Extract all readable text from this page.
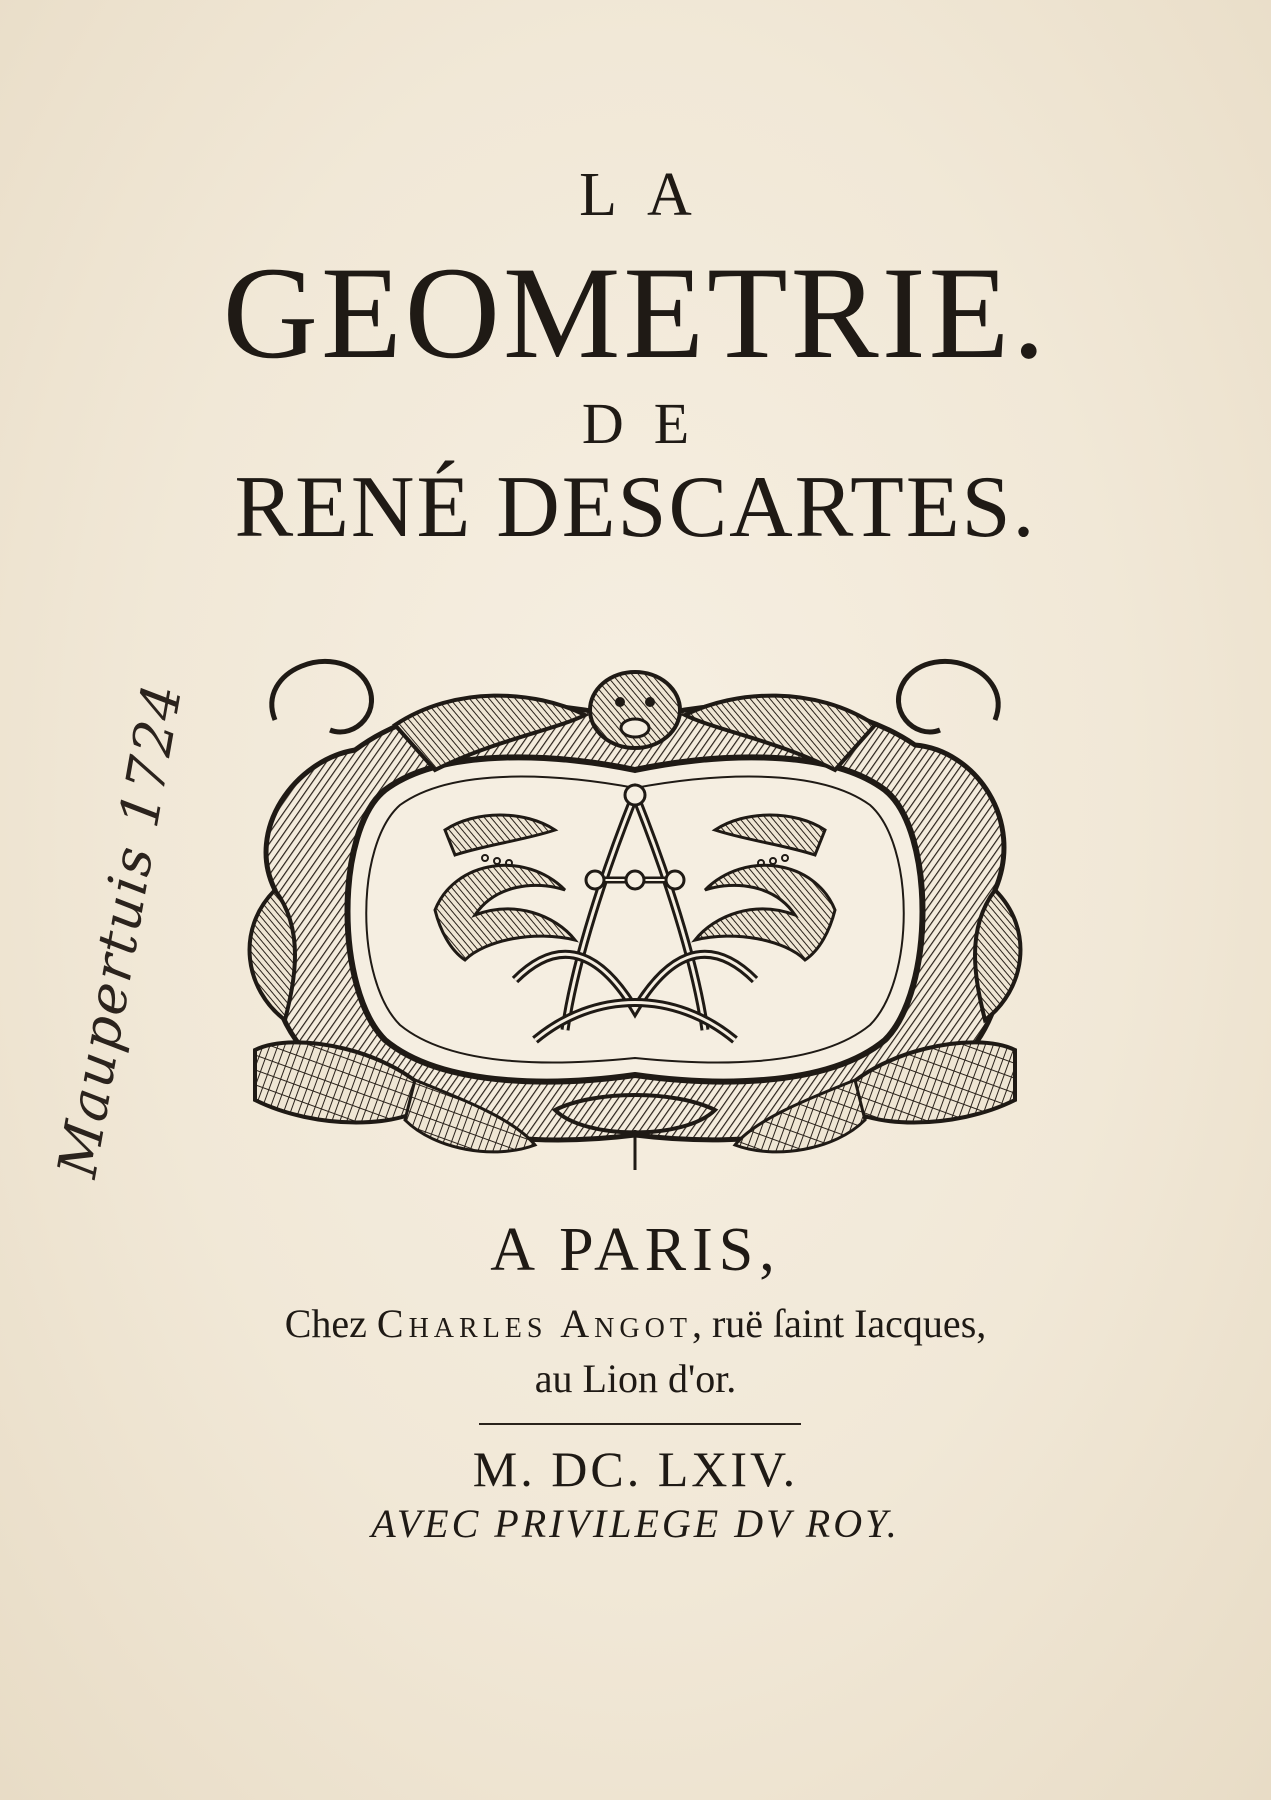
LA
GEOMETRIE.
DE
RENÉ DESCARTES.
Maupertuis 1724
A PARIS,
Chez Charles Angot, ruë ſaint Iacques,
au Lion d'or.
M. DC. LXIV.
AVEC PRIVILEGE DV ROY.
